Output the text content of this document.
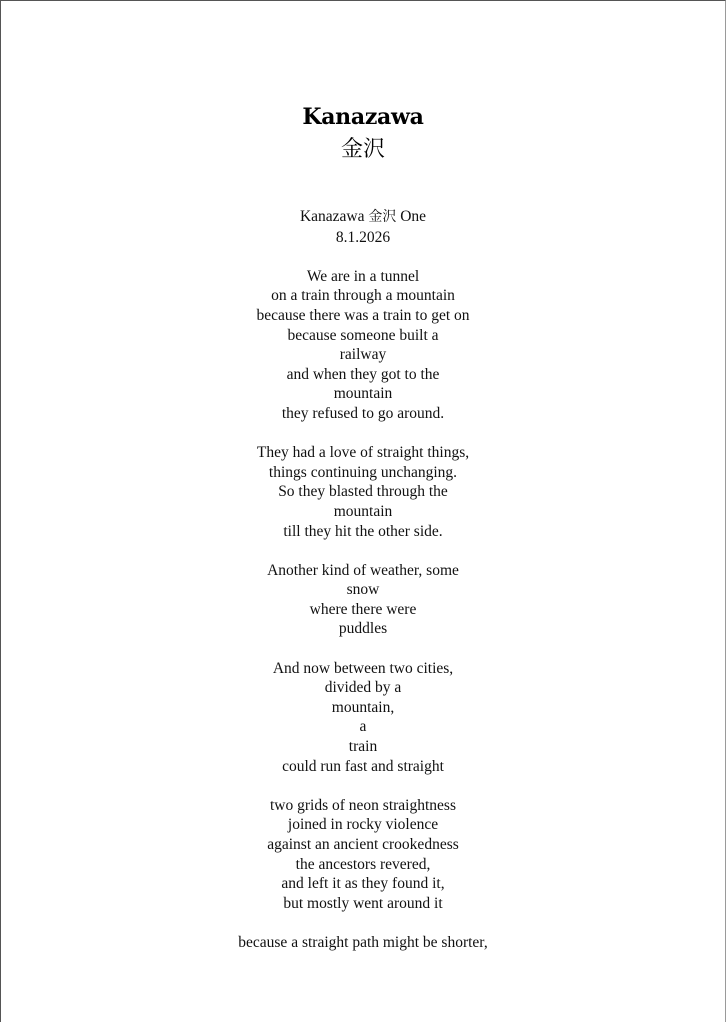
Kanazawa
金沢
Kanazawa 金沢 One
8.1.2026
We are in a tunnel
on a train through a mountain
because there was a train to get on
because someone built a
railway
and when they got to the
mountain
they refused to go around.
They had a love of straight things,
things continuing unchanging.
So they blasted through the
mountain
till they hit the other side.
Another kind of weather, some
snow
where there were
puddles
And now between two cities,
divided by a
mountain,
a
train
could run fast and straight
two grids of neon straightness
joined in rocky violence
against an ancient crookedness
the ancestors revered,
and left it as they found it,
but mostly went around it
because a straight path might be shorter,
